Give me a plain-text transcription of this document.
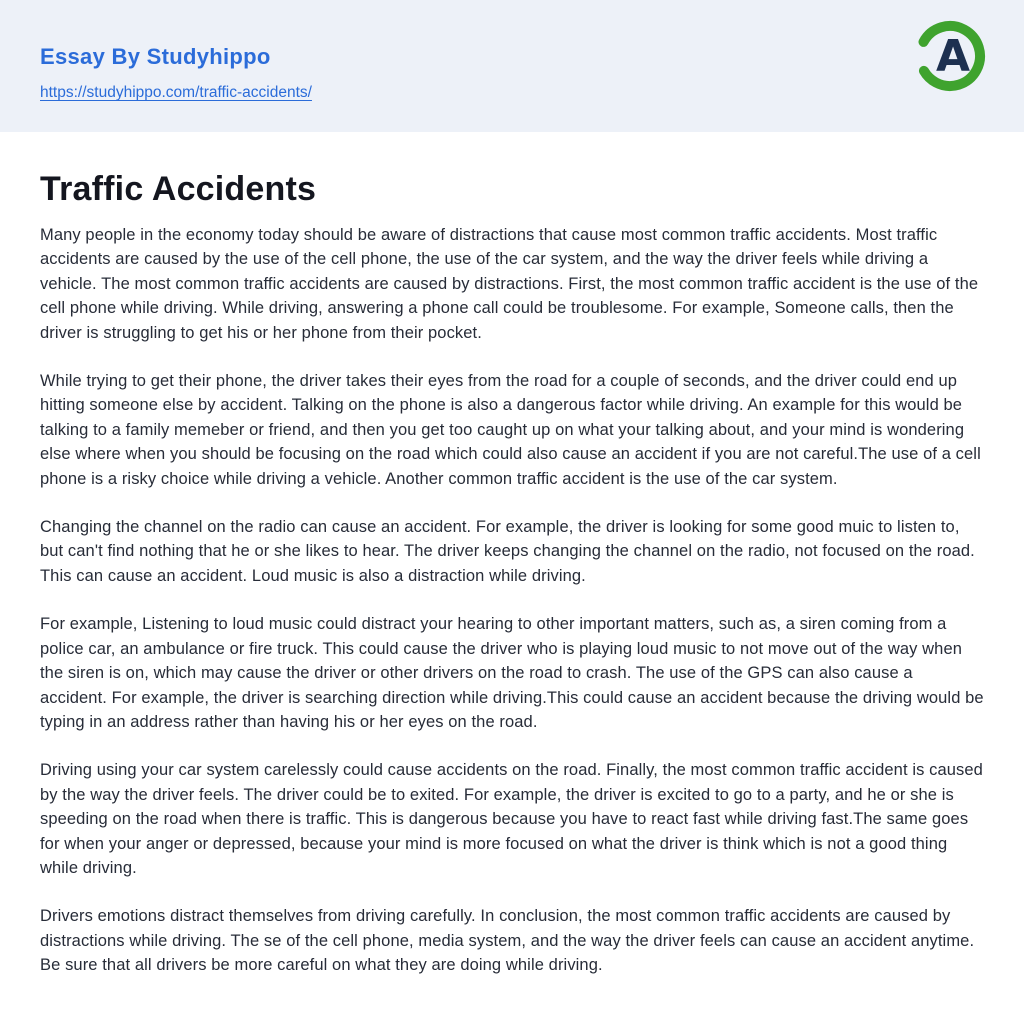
Essay By Studyhippo
https://studyhippo.com/traffic-accidents/
A
Traffic Accidents

Many people in the economy today should be aware of distractions that cause most common traffic accidents. Most traffic accidents are caused by the use of the cell phone, the use of the car system, and the way the driver feels while driving a vehicle. The most common traffic accidents are caused by distractions. First, the most common traffic accident is the use of the cell phone while driving. While driving, answering a phone call could be troublesome. For example, Someone calls, then the driver is struggling to get his or her phone from their pocket.

While trying to get their phone, the driver takes their eyes from the road for a couple of seconds, and the driver could end up hitting someone else by accident. Talking on the phone is also a dangerous factor while driving. An example for this would be talking to a family memeber or friend, and then you get too caught up on what your talking about, and your mind is wondering else where when you should be focusing on the road which could also cause an accident if you are not careful.The use of a cell phone is a risky choice while driving a vehicle. Another common traffic accident is the use of the car system.

Changing the channel on the radio can cause an accident. For example, the driver is looking for some good muic to listen to, but can't find nothing that he or she likes to hear. The driver keeps changing the channel on the radio, not focused on the road. This can cause an accident. Loud music is also a distraction while driving.

For example, Listening to loud music could distract your hearing to other important matters, such as, a siren coming from a police car, an ambulance or fire truck. This could cause the driver who is playing loud music to not move out of the way when the siren is on, which may cause the driver or other drivers on the road to crash. The use of the GPS can also cause a accident. For example, the driver is searching direction while driving.This could cause an accident because the driving would be typing in an address rather than having his or her eyes on the road.

Driving using your car system carelessly could cause accidents on the road. Finally, the most common traffic accident is caused by the way the driver feels. The driver could be to exited. For example, the driver is excited to go to a party, and he or she is speeding on the road when there is traffic. This is dangerous because you have to react fast while driving fast.The same goes for when your anger or depressed, because your mind is more focused on what the driver is think which is not a good thing while driving.

Drivers emotions distract themselves from driving carefully. In conclusion, the most common traffic accidents are caused by distractions while driving. The se of the cell phone, media system, and the way the driver feels can cause an accident anytime. Be sure that all drivers be more careful on what they are doing while driving.
